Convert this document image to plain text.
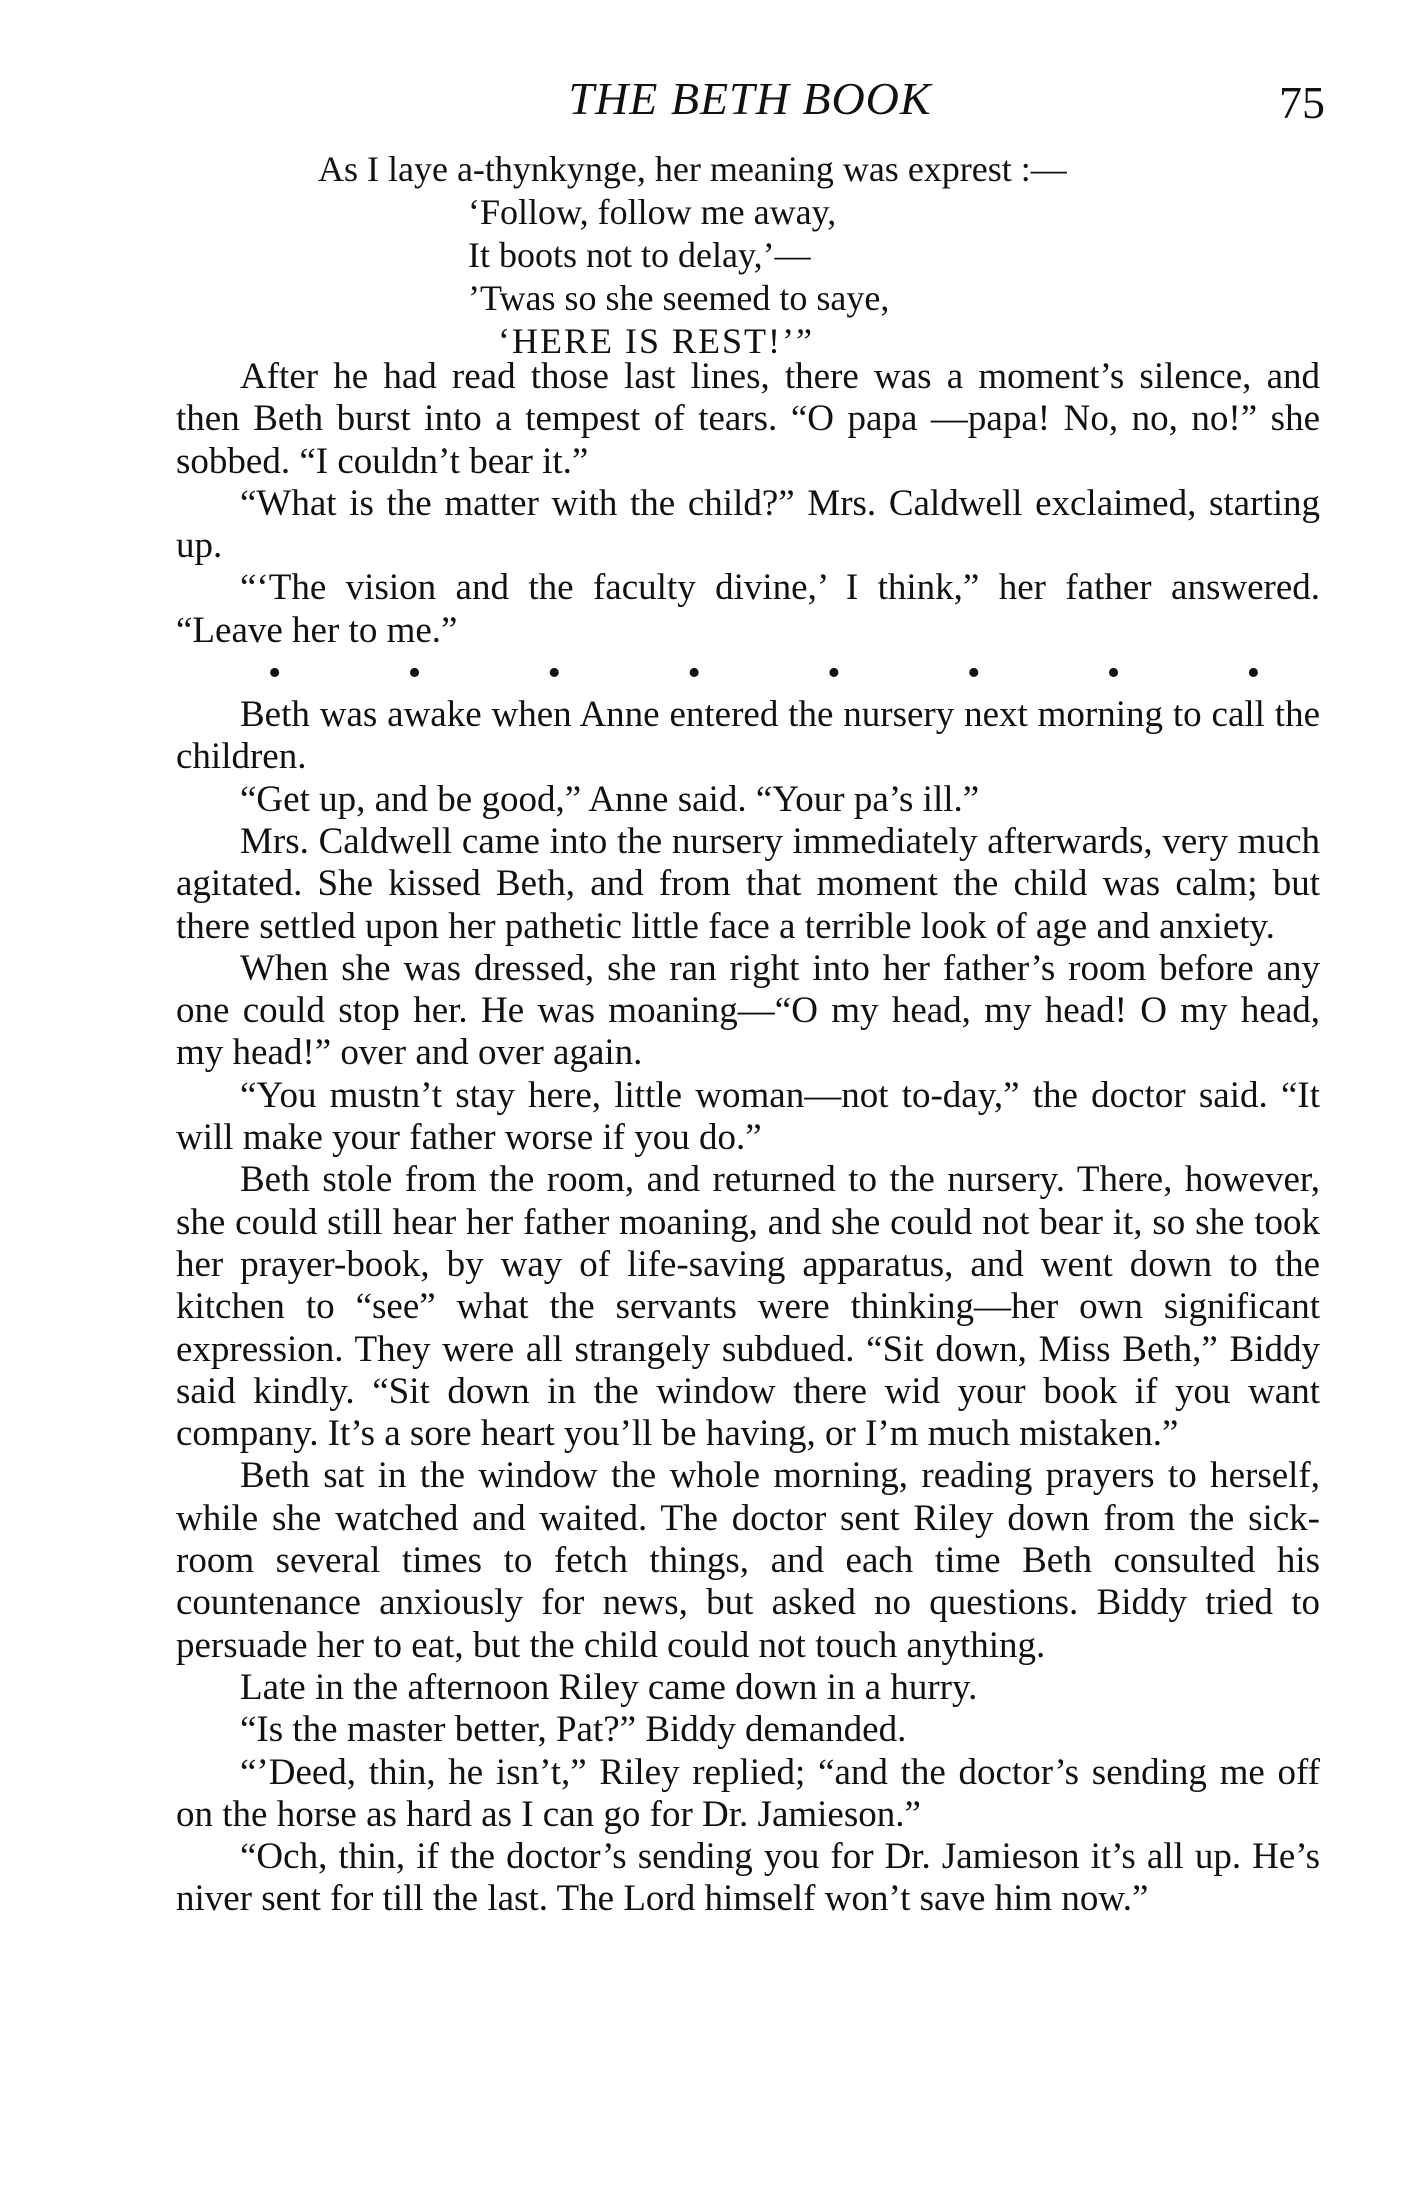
THE BETH BOOK	75
As I laye a-thynkynge, her meaning was exprest :—
‘Follow, follow me away,
It boots not to delay,’—
’Twas so she seemed to saye,
‘HERE IS REST!’”

After he had read those last lines, there was a moment’s silence, and then Beth burst into a tempest of tears. “O papa —papa! No, no, no!” she sobbed. “I couldn’t bear it.”

“What is the matter with the child?” Mrs. Caldwell exclaimed, starting up.

“‘The vision and the faculty divine,’ I think,” her father answered. “Leave her to me.”

•	•	•	•	•	•	•	•

Beth was awake when Anne entered the nursery next morning to call the children.

“Get up, and be good,” Anne said. “Your pa’s ill.”

Mrs. Caldwell came into the nursery immediately afterwards, very much agitated. She kissed Beth, and from that moment the child was calm; but there settled upon her pathetic little face a terrible look of age and anxiety.

When she was dressed, she ran right into her father’s room before any one could stop her. He was moaning—“O my head, my head! O my head, my head!” over and over again.

“You mustn’t stay here, little woman—not to-day,” the doctor said. “It will make your father worse if you do.”

Beth stole from the room, and returned to the nursery. There, however, she could still hear her father moaning, and she could not bear it, so she took her prayer-book, by way of life-saving apparatus, and went down to the kitchen to “see” what the servants were thinking—her own significant expression. They were all strangely subdued. “Sit down, Miss Beth,” Biddy said kindly. “Sit down in the window there wid your book if you want company. It’s a sore heart you’ll be having, or I’m much mistaken.”

Beth sat in the window the whole morning, reading prayers to herself, while she watched and waited. The doctor sent Riley down from the sick-room several times to fetch things, and each time Beth consulted his countenance anxiously for news, but asked no questions. Biddy tried to persuade her to eat, but the child could not touch anything.

Late in the afternoon Riley came down in a hurry.

“Is the master better, Pat?” Biddy demanded.

“’Deed, thin, he isn’t,” Riley replied; “and the doctor’s sending me off on the horse as hard as I can go for Dr. Jamieson.”

“Och, thin, if the doctor’s sending you for Dr. Jamieson it’s all up. He’s niver sent for till the last. The Lord himself won’t save him now.”
